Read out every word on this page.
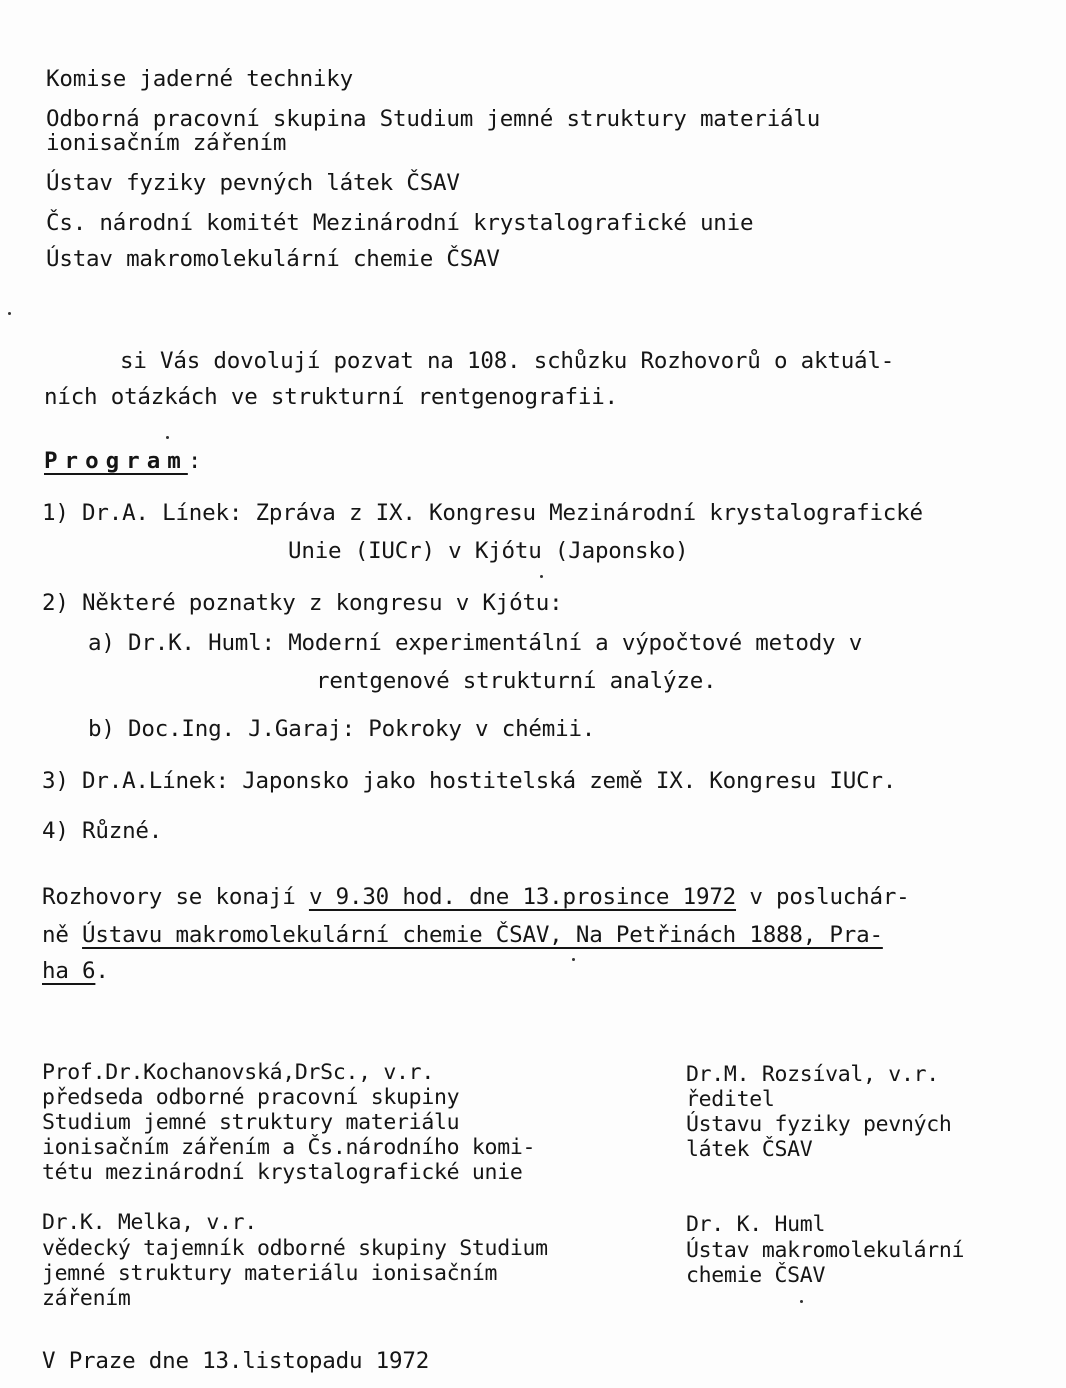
Komise jaderné techniky
Odborná pracovní skupina Studium jemné struktury materiálu
ionisačním zářením
Ústav fyziky pevných látek ČSAV
Čs. národní komitét Mezinárodní krystalografické unie
Ústav makromolekulární chemie ČSAV
si Vás dovolují pozvat na 108. schůzku Rozhovorů o aktuál-
ních otázkách ve strukturní rentgenografii.
Program:
1) Dr.A. Línek: Zpráva z IX. Kongresu Mezinárodní krystalografické
Unie (IUCr) v Kjótu (Japonsko)
2) Některé poznatky z kongresu v Kjótu:
a) Dr.K. Huml: Moderní experimentální a výpočtové metody v
rentgenové strukturní analýze.
b) Doc.Ing. J.Garaj: Pokroky v chémii.
3) Dr.A.Línek: Japonsko jako hostitelská země IX. Kongresu IUCr.
4) Různé.
Rozhovory se konají v 9.30 hod. dne 13.prosince 1972 v posluchár-
ně Ústavu makromolekulární chemie ČSAV, Na Petřinách 1888, Pra-
ha 6.
Prof.Dr.Kochanovská,DrSc., v.r.
předseda odborné pracovní skupiny
Studium jemné struktury materiálu
ionisačním zářením a Čs.národního komi-
tétu mezinárodní krystalografické unie
Dr.M. Rozsíval, v.r.
ředitel
Ústavu fyziky pevných
látek ČSAV
Dr.K. Melka, v.r.
vědecký tajemník odborné skupiny Studium
jemné struktury materiálu ionisačním
zářením
Dr. K. Huml
Ústav makromolekulární
chemie ČSAV
V Praze dne 13.listopadu 1972
